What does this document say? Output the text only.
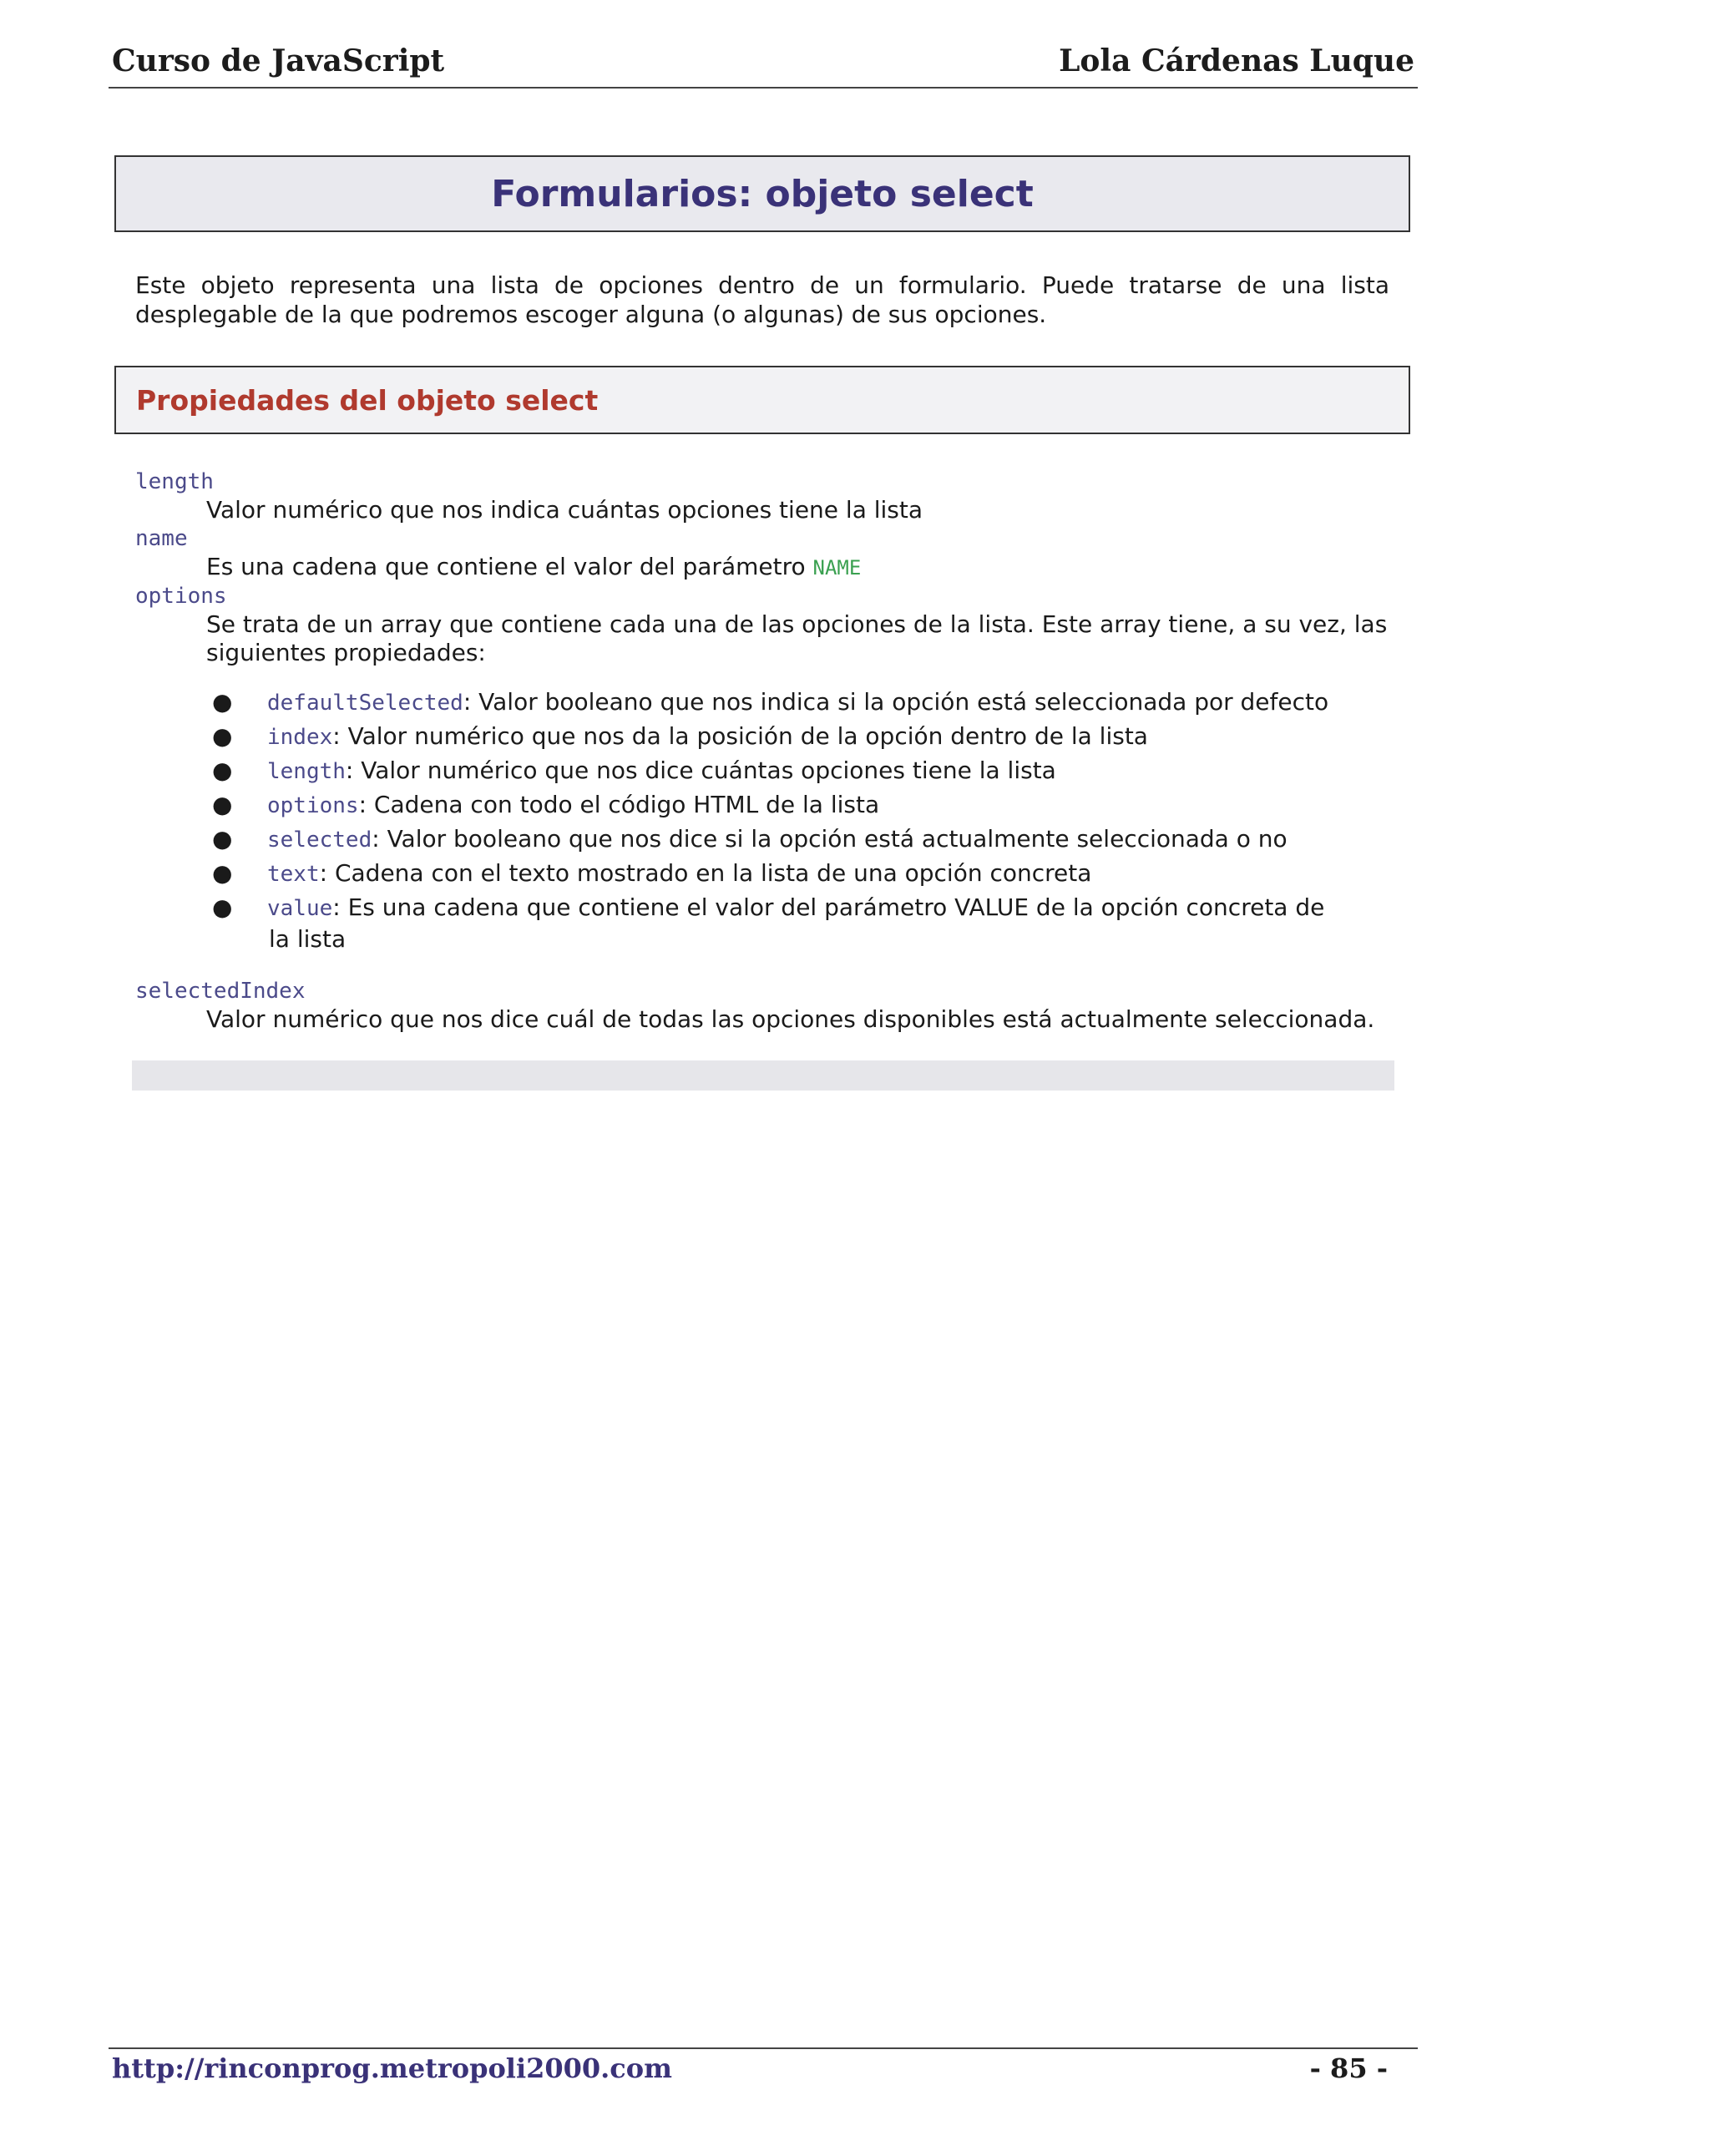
Curso de JavaScript	Lola Cárdenas Luque
Formularios: objeto select

Este objeto representa una lista de opciones dentro de un formulario. Puede tratarse de una lista desplegable de la que podremos escoger alguna (o algunas) de sus opciones.

Propiedades del objeto select
length
Valor numérico que nos indica cuántas opciones tiene la lista
name
Es una cadena que contiene el valor del parámetro NAME
options
Se trata de un array que contiene cada una de las opciones de la lista. Este array tiene, a su vez, las siguientes propiedades:
● defaultSelected: Valor booleano que nos indica si la opción está seleccionada por defecto
● index: Valor numérico que nos da la posición de la opción dentro de la lista
● length: Valor numérico que nos dice cuántas opciones tiene la lista
● options: Cadena con todo el código HTML de la lista
● selected: Valor booleano que nos dice si la opción está actualmente seleccionada o no
● text: Cadena con el texto mostrado en la lista de una opción concreta
● value: Es una cadena que contiene el valor del parámetro VALUE de la opción concreta de
la lista
selectedIndex
Valor numérico que nos dice cuál de todas las opciones disponibles está actualmente seleccionada.
http://rinconprog.metropoli2000.com	- 85 -
